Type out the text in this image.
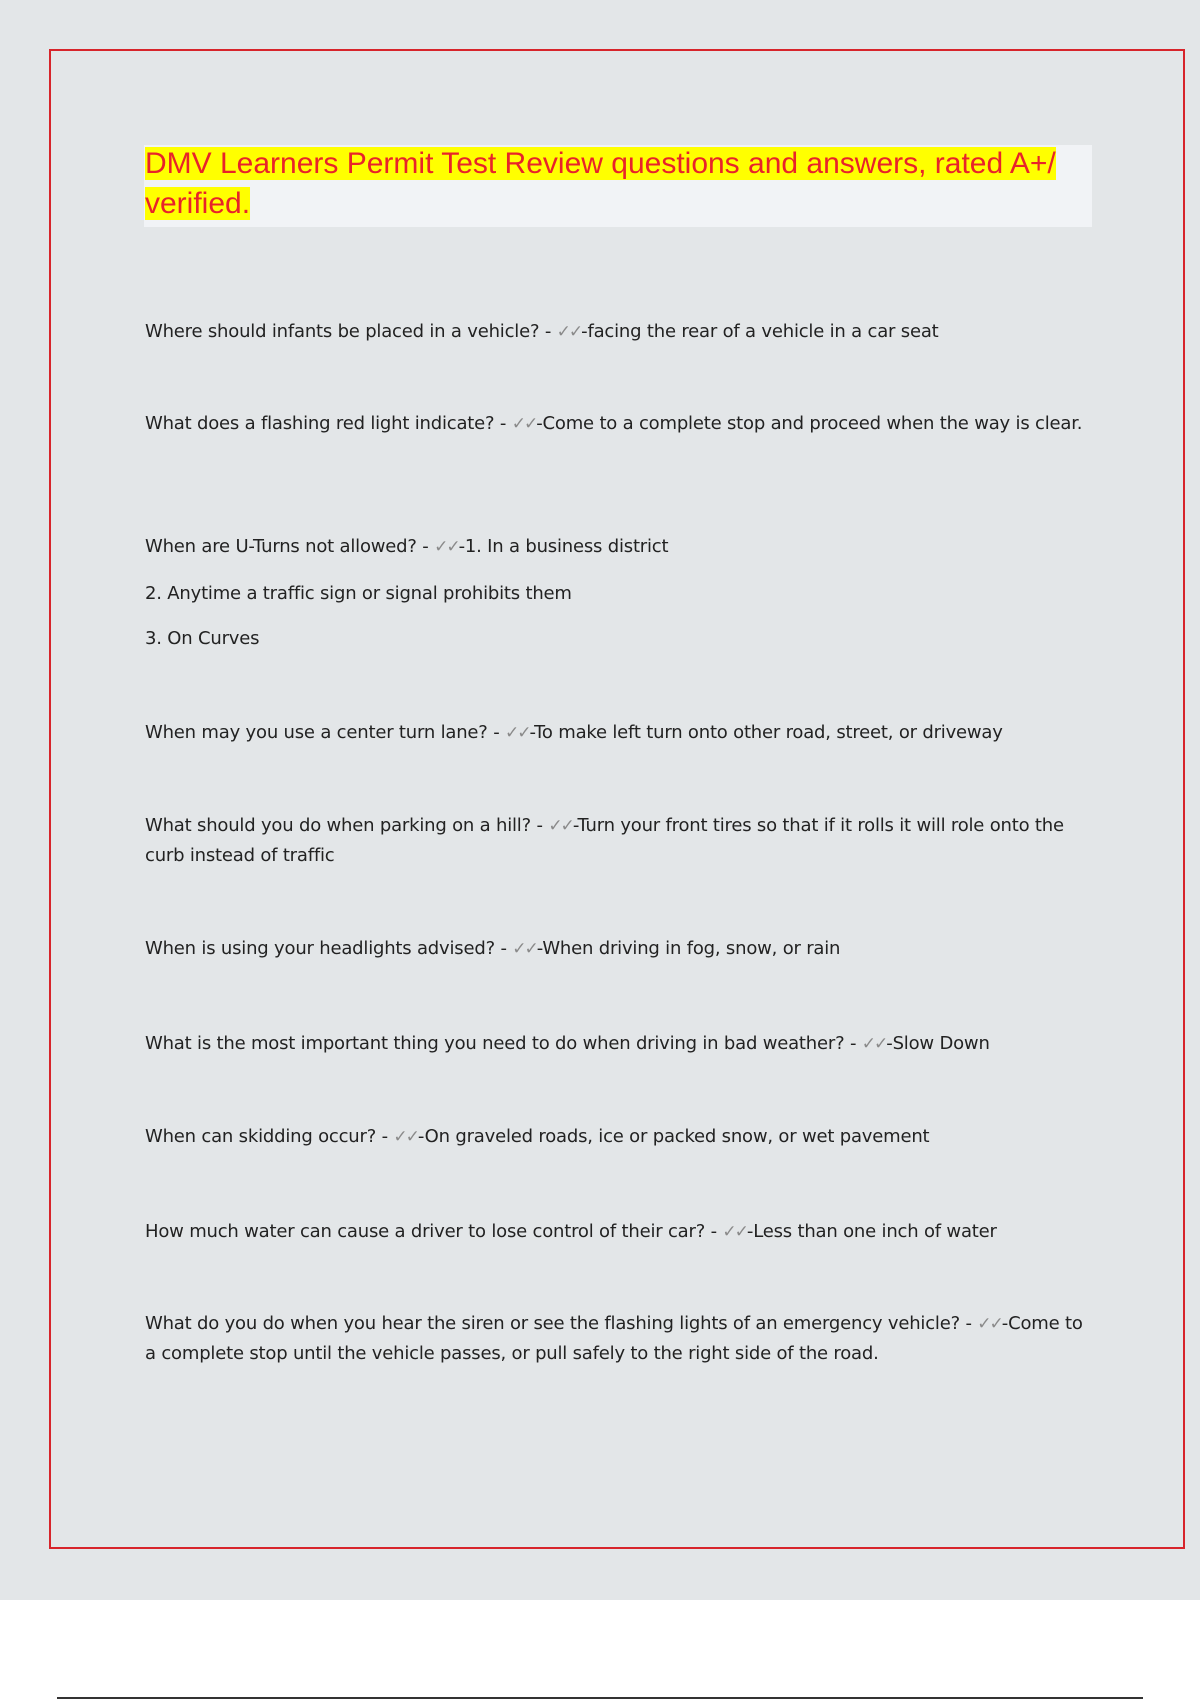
DMV Learners Permit Test Review questions and answers, rated A+/ verified.

Where should infants be placed in a vehicle? - ✓✓-facing the rear of a vehicle in a car seat

What does a flashing red light indicate? - ✓✓-Come to a complete stop and proceed when the way is clear.

When are U-Turns not allowed? - ✓✓-1. In a business district

2. Anytime a traffic sign or signal prohibits them

3. On Curves

When may you use a center turn lane? - ✓✓-To make left turn onto other road, street, or driveway

What should you do when parking on a hill? - ✓✓-Turn your front tires so that if it rolls it will role onto the curb instead of traffic

When is using your headlights advised? - ✓✓-When driving in fog, snow, or rain

What is the most important thing you need to do when driving in bad weather? - ✓✓-Slow Down

When can skidding occur? - ✓✓-On graveled roads, ice or packed snow, or wet pavement

How much water can cause a driver to lose control of their car? - ✓✓-Less than one inch of water

What do you do when you hear the siren or see the flashing lights of an emergency vehicle? - ✓✓-Come to a complete stop until the vehicle passes, or pull safely to the right side of the road.
